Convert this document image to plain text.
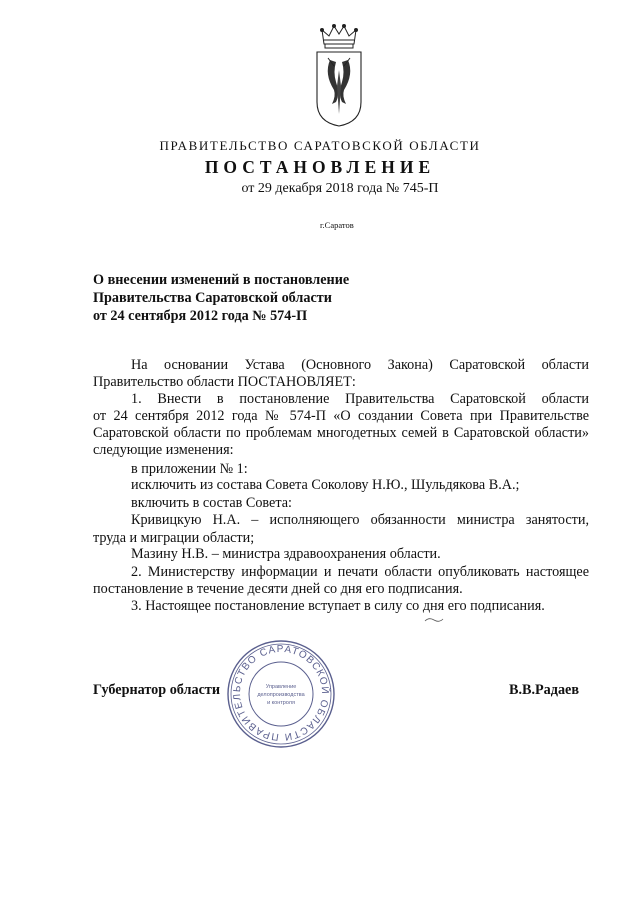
ПРАВИТЕЛЬСТВО САРАТОВСКОЙ ОБЛАСТИ
ПОСТАНОВЛЕНИЕ
от 29 декабря 2018 года № 745-П
г.Саратов
О внесении изменений в постановление
Правительства Саратовской области
от 24 сентября 2012 года № 574-П
На основании Устава (Основного Закона) Саратовской области
Правительство области ПОСТАНОВЛЯЕТ:
1. Внести в постановление Правительства Саратовской области
от 24 сентября 2012 года № 574-П «О создании Совета при Правительстве
Саратовской области по проблемам многодетных семей в Саратовской области»
следующие изменения:
в приложении № 1:
исключить из состава Совета Соколову Н.Ю., Шульдякова В.А.;
включить в состав Совета:
Кривицкую Н.А. – исполняющего обязанности министра занятости,
труда и миграции области;
Мазину Н.В. – министра здравоохранения области.
2. Министерству информации и печати области опубликовать настоящее
постановление в течение десяти дней со дня его подписания.
3. Настоящее постановление вступает в силу со дня его подписания.
ПРАВИТЕЛЬСТВО САРАТОВСКОЙ ОБЛАСТИ
Управление
делопроизводства
и контроля
Губернатор области	В.В.Радаев
